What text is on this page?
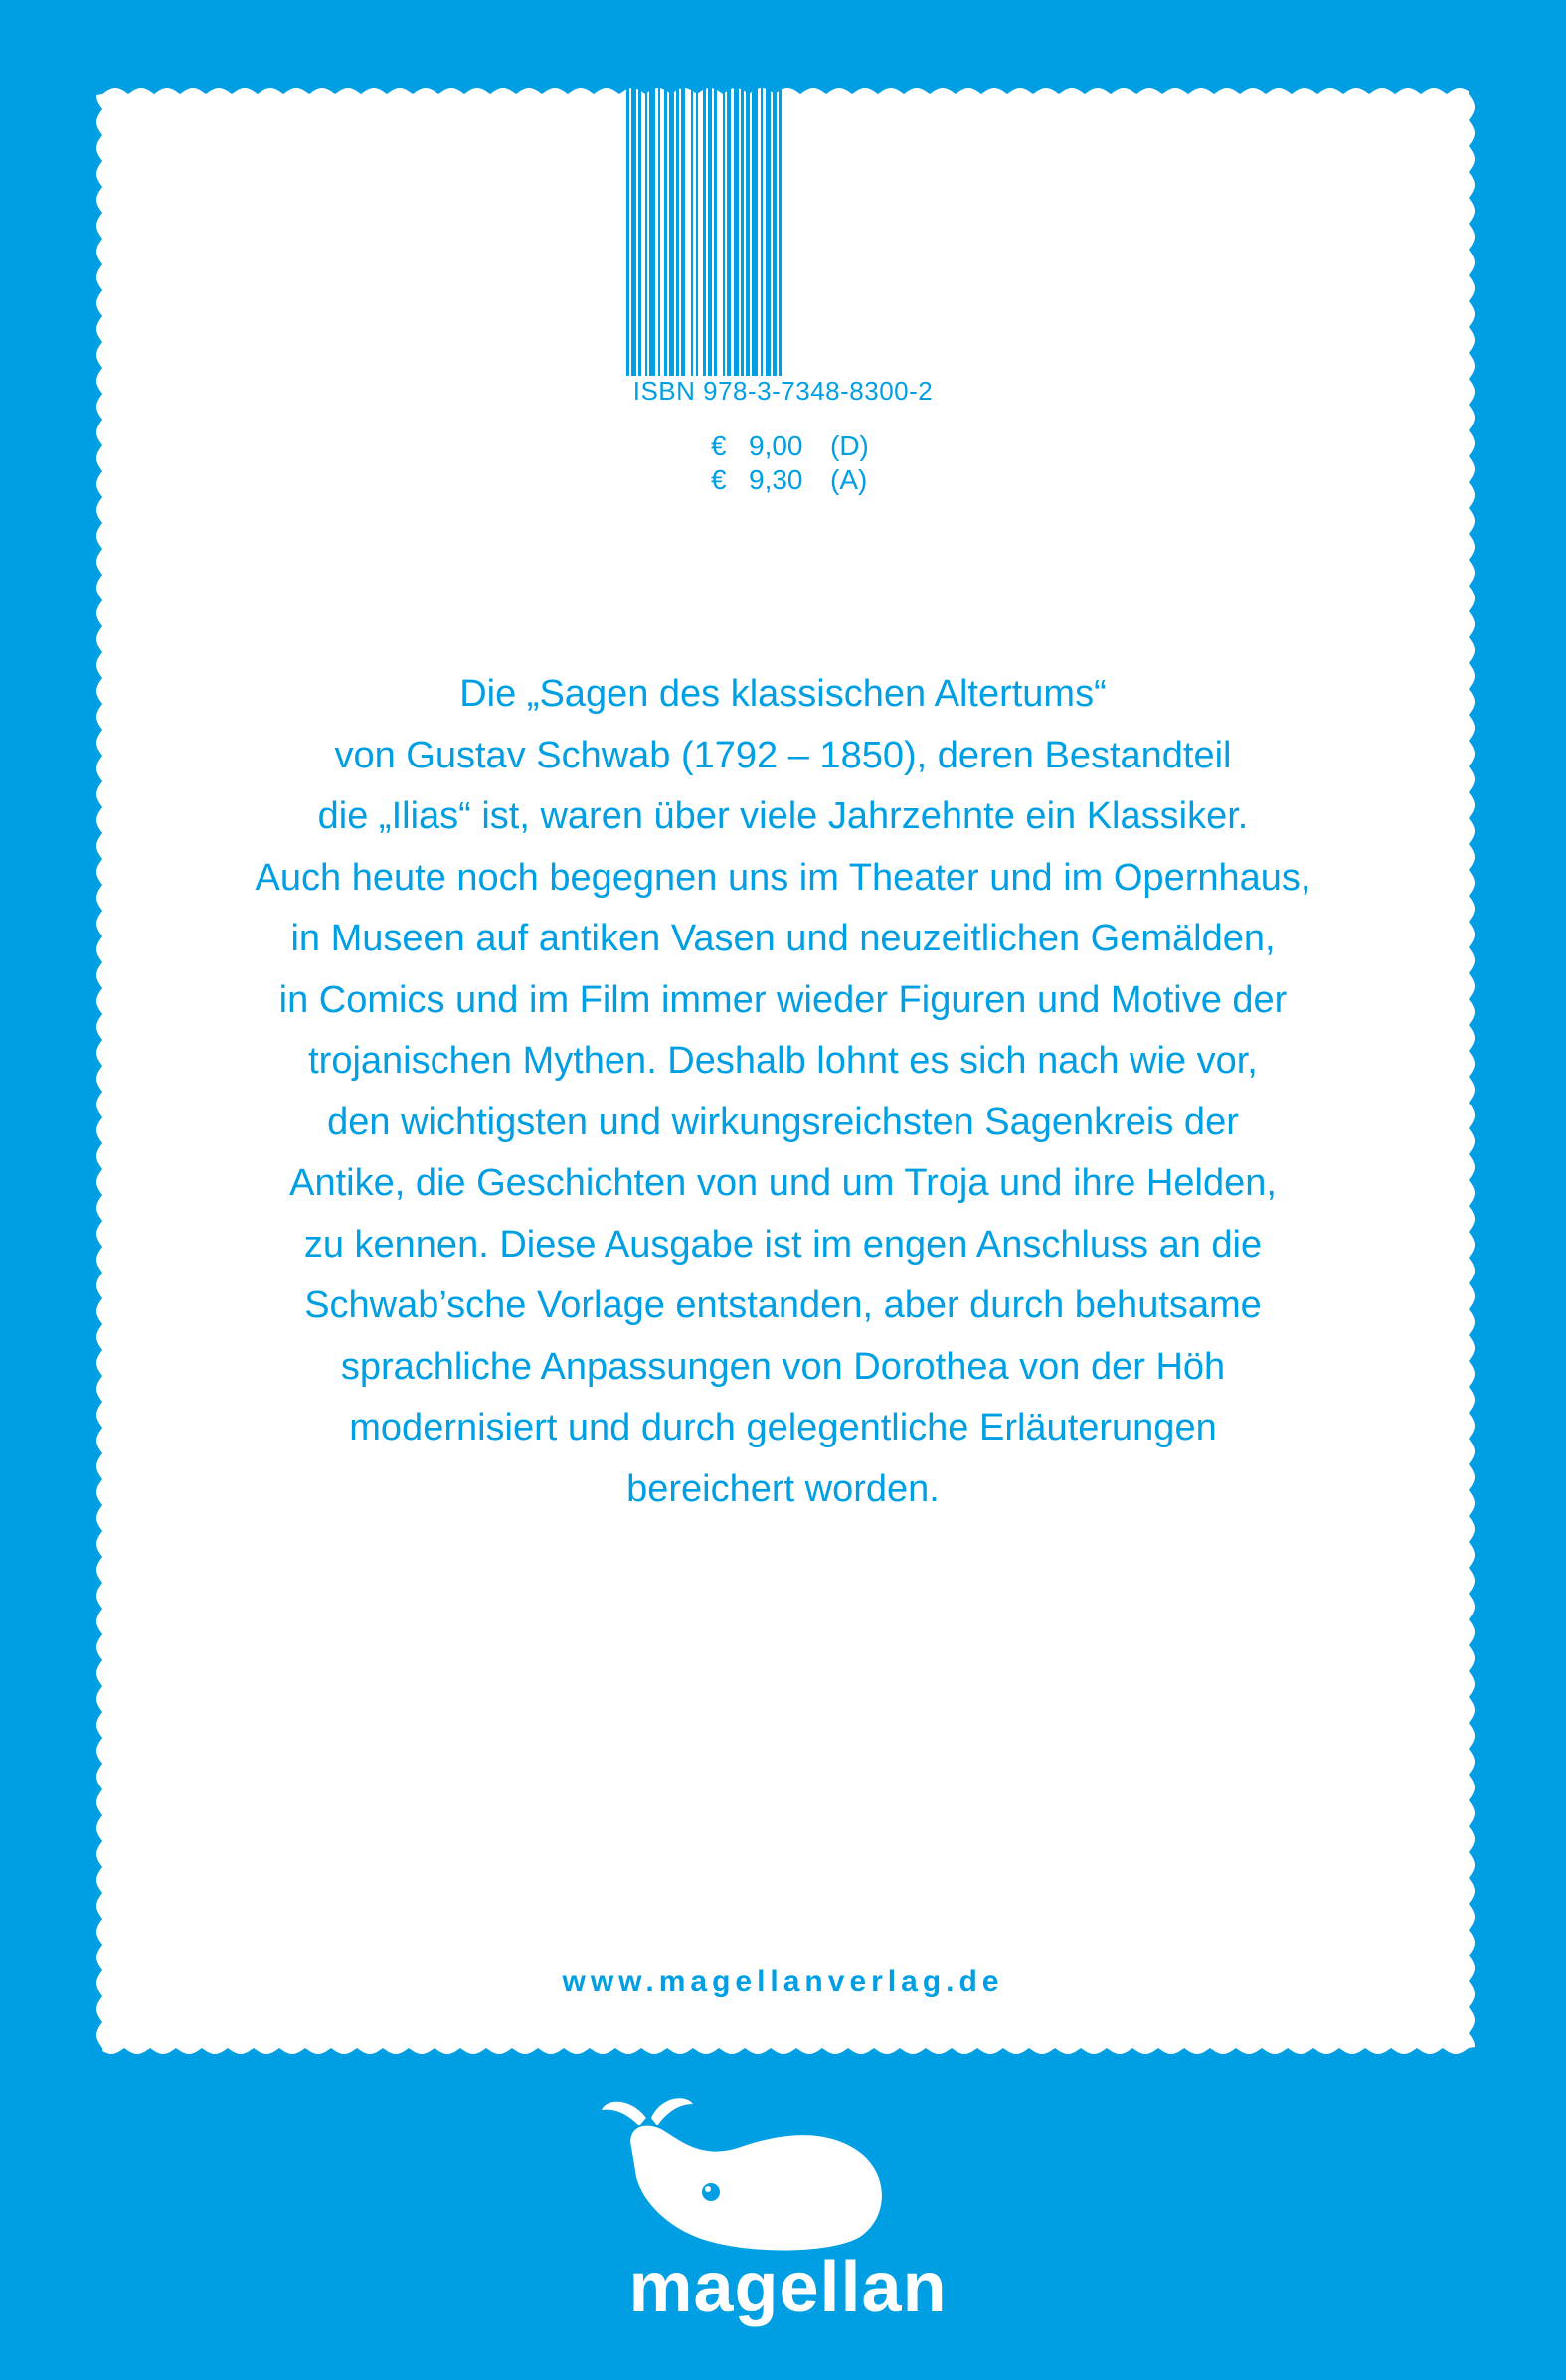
ISBN 978-3-7348-8300-2
€ 9,00 (D)
€ 9,30 (A)
Die „Sagen des klassischen Altertums“
von Gustav Schwab (1792 – 1850), deren Bestandteil
die „Ilias“ ist, waren über viele Jahrzehnte ein Klassiker.
Auch heute noch begegnen uns im Theater und im Opernhaus,
in Museen auf antiken Vasen und neuzeitlichen Gemälden,
in Comics und im Film immer wieder Figuren und Motive der
trojanischen Mythen. Deshalb lohnt es sich nach wie vor,
den wichtigsten und wirkungsreichsten Sagenkreis der
Antike, die Geschichten von und um Troja und ihre Helden,
zu kennen. Diese Ausgabe ist im engen Anschluss an die
Schwab’sche Vorlage entstanden, aber durch behutsame
sprachliche Anpassungen von Dorothea von der Höh
modernisiert und durch gelegentliche Erläuterungen
bereichert worden.
www.magellanverlag.de
magellan
